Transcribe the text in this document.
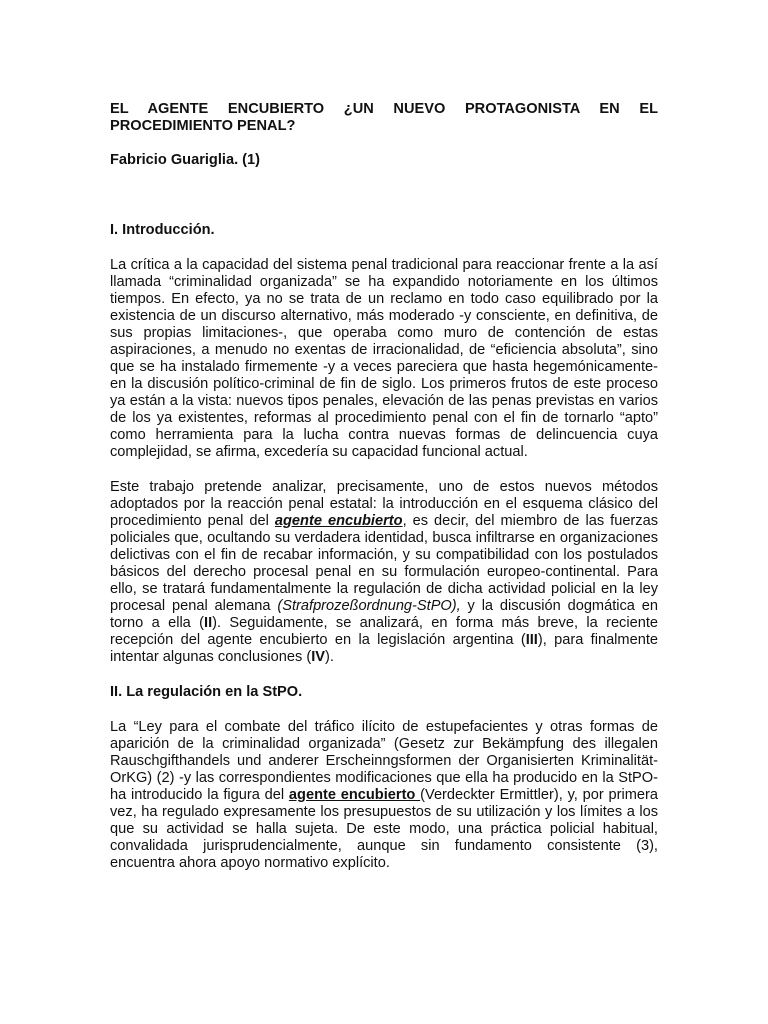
EL AGENTE ENCUBIERTO ¿UN NUEVO PROTAGONISTA EN EL PROCEDIMIENTO PENAL?

Fabricio Guariglia. (1)

I. Introducción.

La crítica a la capacidad del sistema penal tradicional para reaccionar frente a la así llamada “criminalidad organizada” se ha expandido notoriamente en los últimos tiempos. En efecto, ya no se trata de un reclamo en todo caso equilibrado por la existencia de un discurso alternativo, más moderado -y consciente, en definitiva, de sus propias limitaciones-, que operaba como muro de contención de estas aspiraciones, a menudo no exentas de irracionalidad, de “eficiencia absoluta”, sino que se ha instalado firmemente -y a veces pareciera que hasta hegemónicamente- en la discusión político-criminal de fin de siglo. Los primeros frutos de este proceso ya están a la vista: nuevos tipos penales, elevación de las penas previstas en varios de los ya existentes, reformas al procedimiento penal con el fin de tornarlo “apto” como herramienta para la lucha contra nuevas formas de delincuencia cuya complejidad, se afirma, excedería su capacidad funcional actual.

Este trabajo pretende analizar, precisamente, uno de estos nuevos métodos adoptados por la reacción penal estatal: la introducción en el esquema clásico del procedimiento penal del agente encubierto, es decir, del miembro de las fuerzas policiales que, ocultando su verdadera identidad, busca infiltrarse en organizaciones delictivas con el fin de recabar información, y su compatibilidad con los postulados básicos del derecho procesal penal en su formulación europeo-continental. Para ello, se tratará fundamentalmente la regulación de dicha actividad policial en la ley procesal penal alemana (Strafprozeßordnung-StPO), y la discusión dogmática en torno a ella (II). Seguidamente, se analizará, en forma más breve, la reciente recepción del agente encubierto en la legislación argentina (III), para finalmente intentar algunas conclusiones (IV).

II. La regulación en la StPO.

La “Ley para el combate del tráfico ilícito de estupefacientes y otras formas de aparición de la criminalidad organizada” (Gesetz zur Bekämpfung des illegalen Rauschgifthandels und anderer Erscheinngsformen der Organisierten Kriminalität-OrKG) (2) -y las correspondientes modificaciones que ella ha producido en la StPO- ha introducido la figura del agente encubierto (Verdeckter Ermittler), y, por primera vez, ha regulado expresamente los presupuestos de su utilización y los límites a los que su actividad se halla sujeta. De este modo, una práctica policial habitual, convalidada jurisprudencialmente, aunque sin fundamento consistente (3), encuentra ahora apoyo normativo explícito.
